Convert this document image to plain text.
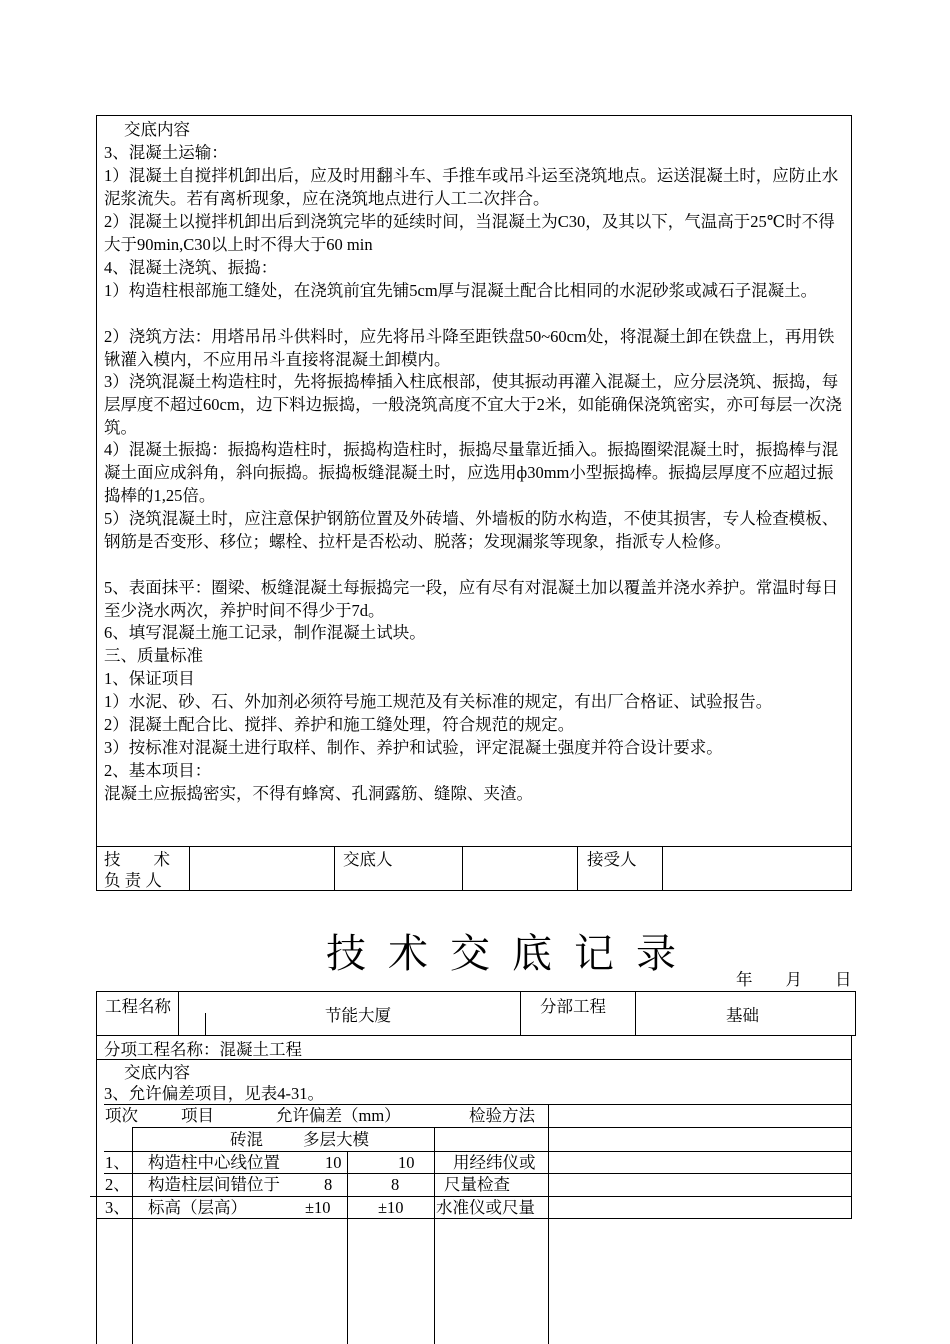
交底内容
3、混凝土运输：
1）混凝土自搅拌机卸出后，应及时用翻斗车、手推车或吊斗运至浇筑地点。运送混凝土时，应防止水泥浆流失。若有离析现象，应在浇筑地点进行人工二次拌合。
2）混凝土以搅拌机卸出后到浇筑完毕的延续时间，当混凝土为C30，及其以下，气温高于25℃时不得大于90min,C30以上时不得大于60 min
4、混凝土浇筑、振捣：
1）构造柱根部施工缝处，在浇筑前宜先铺5cm厚与混凝土配合比相同的水泥砂浆或减石子混凝土。
2）浇筑方法：用塔吊吊斗供料时，应先将吊斗降至距铁盘50~60cm处，将混凝土卸在铁盘上，再用铁锹灌入模内，不应用吊斗直接将混凝土卸模内。
3）浇筑混凝土构造柱时，先将振捣棒插入柱底根部，使其振动再灌入混凝土，应分层浇筑、振捣，每层厚度不超过60cm，边下料边振捣，一般浇筑高度不宜大于2米，如能确保浇筑密实，亦可每层一次浇筑。
4）混凝土振捣：振捣构造柱时，振捣构造柱时，振捣尽量靠近插入。振捣圈梁混凝土时，振捣棒与混凝土面应成斜角，斜向振捣。振捣板缝混凝土时，应选用ф30mm小型振捣棒。振捣层厚度不应超过振捣棒的1,25倍。
5）浇筑混凝土时，应注意保护钢筋位置及外砖墙、外墙板的防水构造，不使其损害，专人检查模板、钢筋是否变形、移位；螺栓、拉杆是否松动、脱落；发现漏浆等现象，指派专人检修。
5、表面抹平：圈梁、板缝混凝土每振捣完一段，应有尽有对混凝土加以覆盖并浇水养护。常温时每日至少浇水两次，养护时间不得少于7d。
6、填写混凝土施工记录，制作混凝土试块。
三、质量标准
1、保证项目
1）水泥、砂、石、外加剂必须符号施工规范及有关标准的规定，有出厂合格证、试验报告。
2）混凝土配合比、搅拌、养护和施工缝处理，符合规范的规定。
3）按标准对混凝土进行取样、制作、养护和试验，评定混凝土强度并符合设计要求。
2、基本项目：
混凝土应振捣密实，不得有蜂窝、孔洞露筋、缝隙、夹渣。
技　　术
负 责 人
交底人	接受人
技术交底记录
年　　月　　日
工程名称	节能大厦	分部工程	基础
分项工程名称：混凝土工程
交底内容
3、允许偏差项目，见表4-31。
项次	项目	允许偏差（mm）	检验方法
砖混 多层大模
1、 构造柱中心线位置	10	10 用经纬仪或
2、 构造柱层间错位于	8	8	尺量检查
3、 标高（层高）	±10	±10 水准仪或尺量
